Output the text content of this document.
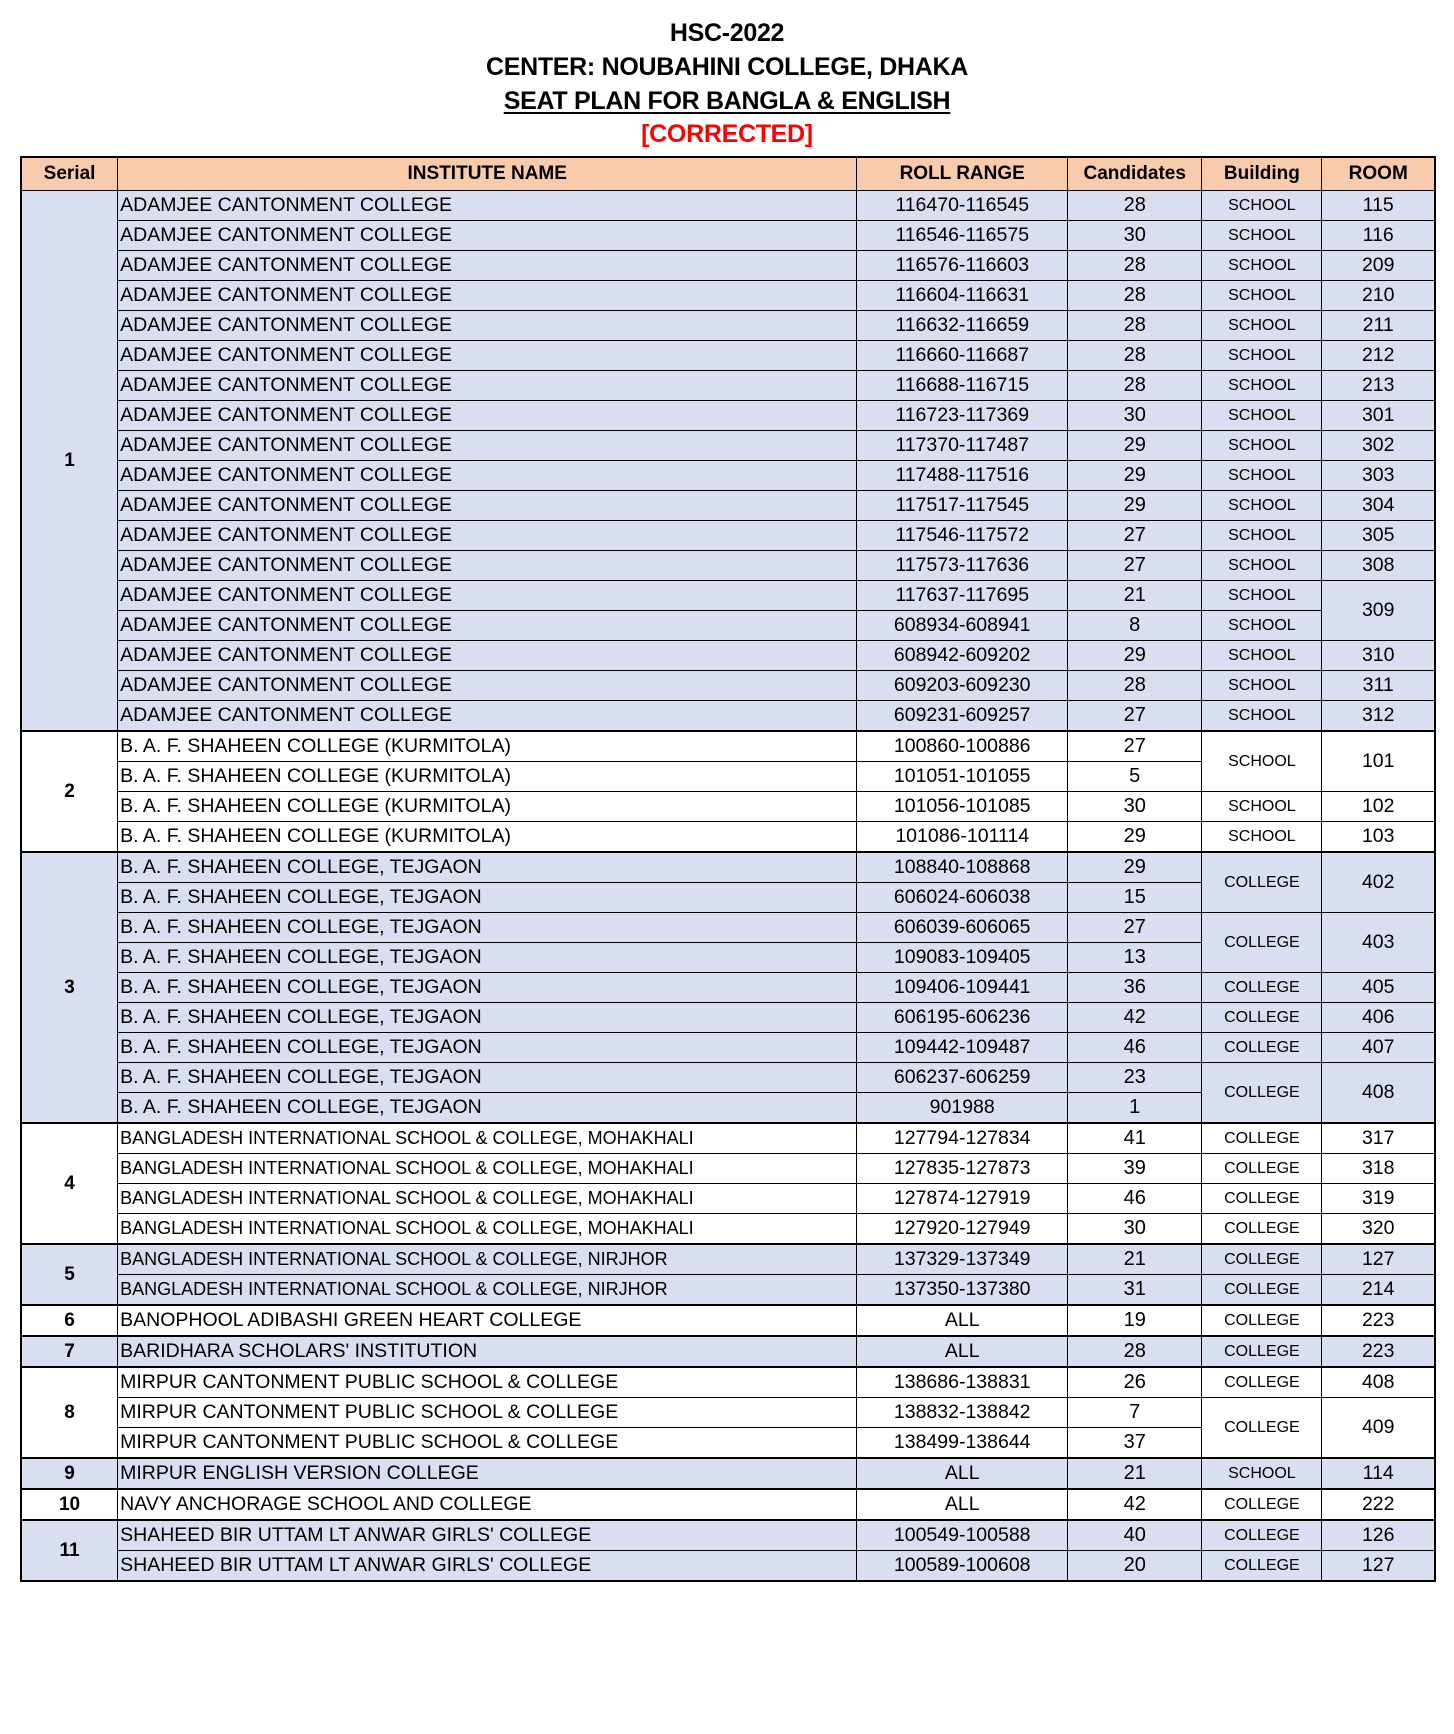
HSC-2022
CENTER: NOUBAHINI COLLEGE, DHAKA
SEAT PLAN FOR BANGLA & ENGLISH
[CORRECTED]
Serial	INSTITUTE NAME	ROLL RANGE	Candidates	Building	ROOM
1	ADAMJEE CANTONMENT COLLEGE	116470-116545	28	SCHOOL	115
	ADAMJEE CANTONMENT COLLEGE	116546-116575	30	SCHOOL	116
	ADAMJEE CANTONMENT COLLEGE	116576-116603	28	SCHOOL	209
	ADAMJEE CANTONMENT COLLEGE	116604-116631	28	SCHOOL	210
	ADAMJEE CANTONMENT COLLEGE	116632-116659	28	SCHOOL	211
	ADAMJEE CANTONMENT COLLEGE	116660-116687	28	SCHOOL	212
	ADAMJEE CANTONMENT COLLEGE	116688-116715	28	SCHOOL	213
	ADAMJEE CANTONMENT COLLEGE	116723-117369	30	SCHOOL	301
	ADAMJEE CANTONMENT COLLEGE	117370-117487	29	SCHOOL	302
	ADAMJEE CANTONMENT COLLEGE	117488-117516	29	SCHOOL	303
	ADAMJEE CANTONMENT COLLEGE	117517-117545	29	SCHOOL	304
	ADAMJEE CANTONMENT COLLEGE	117546-117572	27	SCHOOL	305
	ADAMJEE CANTONMENT COLLEGE	117573-117636	27	SCHOOL	308
	ADAMJEE CANTONMENT COLLEGE	117637-117695	21	SCHOOL	309
	ADAMJEE CANTONMENT COLLEGE	608934-608941	8	SCHOOL	
	ADAMJEE CANTONMENT COLLEGE	608942-609202	29	SCHOOL	310
	ADAMJEE CANTONMENT COLLEGE	609203-609230	28	SCHOOL	311
	ADAMJEE CANTONMENT COLLEGE	609231-609257	27	SCHOOL	312
2	B. A. F. SHAHEEN COLLEGE (KURMITOLA)	100860-100886	27	SCHOOL	101
	B. A. F. SHAHEEN COLLEGE (KURMITOLA)	101051-101055	5		
	B. A. F. SHAHEEN COLLEGE (KURMITOLA)	101056-101085	30	SCHOOL	102
	B. A. F. SHAHEEN COLLEGE (KURMITOLA)	101086-101114	29	SCHOOL	103
3	B. A. F. SHAHEEN COLLEGE, TEJGAON	108840-108868	29	COLLEGE	402
	B. A. F. SHAHEEN COLLEGE, TEJGAON	606024-606038	15		
	B. A. F. SHAHEEN COLLEGE, TEJGAON	606039-606065	27	COLLEGE	403
	B. A. F. SHAHEEN COLLEGE, TEJGAON	109083-109405	13		
	B. A. F. SHAHEEN COLLEGE, TEJGAON	109406-109441	36	COLLEGE	405
	B. A. F. SHAHEEN COLLEGE, TEJGAON	606195-606236	42	COLLEGE	406
	B. A. F. SHAHEEN COLLEGE, TEJGAON	109442-109487	46	COLLEGE	407
	B. A. F. SHAHEEN COLLEGE, TEJGAON	606237-606259	23	COLLEGE	408
	B. A. F. SHAHEEN COLLEGE, TEJGAON	901988	1		
4	BANGLADESH INTERNATIONAL SCHOOL & COLLEGE, MOHAKHALI	127794-127834	41	COLLEGE	317
	BANGLADESH INTERNATIONAL SCHOOL & COLLEGE, MOHAKHALI	127835-127873	39	COLLEGE	318
	BANGLADESH INTERNATIONAL SCHOOL & COLLEGE, MOHAKHALI	127874-127919	46	COLLEGE	319
	BANGLADESH INTERNATIONAL SCHOOL & COLLEGE, MOHAKHALI	127920-127949	30	COLLEGE	320
5	BANGLADESH INTERNATIONAL SCHOOL & COLLEGE, NIRJHOR	137329-137349	21	COLLEGE	127
	BANGLADESH INTERNATIONAL SCHOOL & COLLEGE, NIRJHOR	137350-137380	31	COLLEGE	214
6	BANOPHOOL ADIBASHI GREEN HEART COLLEGE	ALL	19	COLLEGE	223
7	BARIDHARA SCHOLARS' INSTITUTION	ALL	28	COLLEGE	223
8	MIRPUR CANTONMENT PUBLIC SCHOOL & COLLEGE	138686-138831	26	COLLEGE	408
	MIRPUR CANTONMENT PUBLIC SCHOOL & COLLEGE	138832-138842	7	COLLEGE	409
	MIRPUR CANTONMENT PUBLIC SCHOOL & COLLEGE	138499-138644	37		
9	MIRPUR ENGLISH VERSION COLLEGE	ALL	21	SCHOOL	114
10	NAVY ANCHORAGE SCHOOL AND COLLEGE	ALL	42	COLLEGE	222
11	SHAHEED BIR UTTAM LT ANWAR GIRLS' COLLEGE	100549-100588	40	COLLEGE	126
	SHAHEED BIR UTTAM LT ANWAR GIRLS' COLLEGE	100589-100608	20	COLLEGE	127
